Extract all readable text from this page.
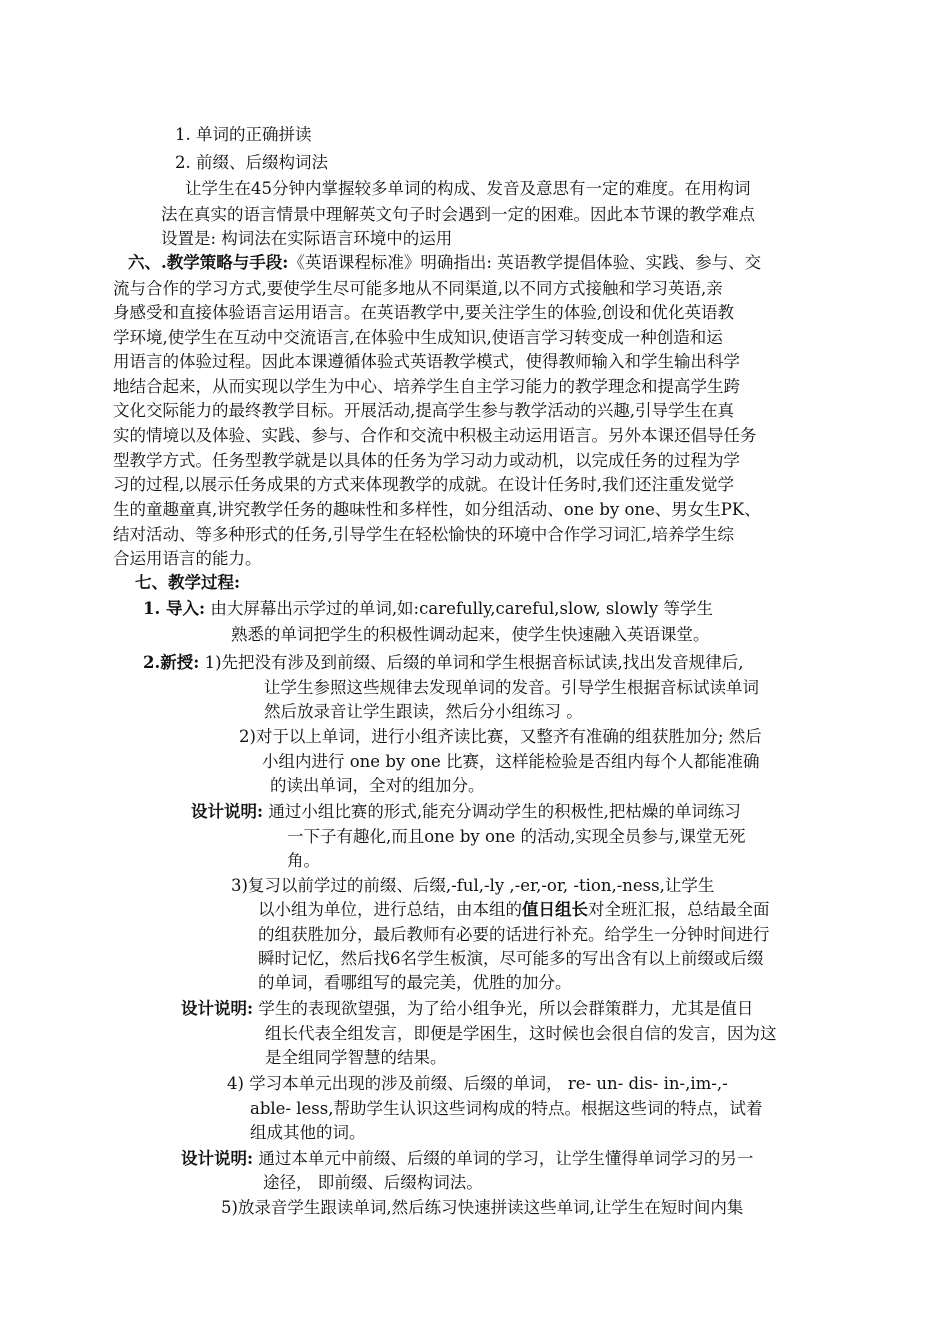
1. 单词的正确拼读
2. 前缀、后缀构词法
让学生在45分钟内掌握较多单词的构成、发音及意思有一定的难度。在用构词
法在真实的语言情景中理解英文句子时会遇到一定的困难。因此本节课的教学难点
设置是: 构词法在实际语言环境中的运用
六、.教学策略与手段:《英语课程标准》明确指出: 英语教学提倡体验、实践、参与、交
流与合作的学习方式,要使学生尽可能多地从不同渠道,以不同方式接触和学习英语,亲
身感受和直接体验语言运用语言。在英语教学中,要关注学生的体验,创设和优化英语教
学环境,使学生在互动中交流语言,在体验中生成知识,使语言学习转变成一种创造和运
用语言的体验过程。因此本课遵循体验式英语教学模式，使得教师输入和学生输出科学
地结合起来，从而实现以学生为中心、培养学生自主学习能力的教学理念和提高学生跨
文化交际能力的最终教学目标。开展活动,提高学生参与教学活动的兴趣,引导学生在真
实的情境以及体验、实践、参与、合作和交流中积极主动运用语言。另外本课还倡导任务
型教学方式。任务型教学就是以具体的任务为学习动力或动机，以完成任务的过程为学
习的过程,以展示任务成果的方式来体现教学的成就。在设计任务时,我们还注重发觉学
生的童趣童真,讲究教学任务的趣味性和多样性，如分组活动、one by one、男女生PK、
结对活动、等多种形式的任务,引导学生在轻松愉快的环境中合作学习词汇,培养学生综
合运用语言的能力。
七、教学过程:
1. 导入: 由大屏幕出示学过的单词,如:carefully,careful,slow, slowly 等学生
熟悉的单词把学生的积极性调动起来，使学生快速融入英语课堂。
2.新授: 1)先把没有涉及到前缀、后缀的单词和学生根据音标试读,找出发音规律后,
让学生参照这些规律去发现单词的发音。引导学生根据音标试读单词
然后放录音让学生跟读，然后分小组练习 。
2)对于以上单词，进行小组齐读比赛，又整齐有准确的组获胜加分; 然后
小组内进行 one by one 比赛，这样能检验是否组内每个人都能准确
的读出单词，全对的组加分。
设计说明: 通过小组比赛的形式,能充分调动学生的积极性,把枯燥的单词练习
一下子有趣化,而且one by one 的活动,实现全员参与,课堂无死
角。
3)复习以前学过的前缀、后缀,-ful,-ly ,-er,-or, -tion,-ness,让学生
以小组为单位，进行总结，由本组的值日组长对全班汇报，总结最全面
的组获胜加分，最后教师有必要的话进行补充。给学生一分钟时间进行
瞬时记忆，然后找6名学生板演，尽可能多的写出含有以上前缀或后缀
的单词，看哪组写的最完美，优胜的加分。
设计说明: 学生的表现欲望强，为了给小组争光，所以会群策群力，尤其是值日
组长代表全组发言，即便是学困生，这时候也会很自信的发言，因为这
是全组同学智慧的结果。
4) 学习本单元出现的涉及前缀、后缀的单词， re- un- dis- in-,im-,-
able- less,帮助学生认识这些词构成的特点。根据这些词的特点，试着
组成其他的词。
设计说明: 通过本单元中前缀、后缀的单词的学习，让学生懂得单词学习的另一
途径， 即前缀、后缀构词法。
5)放录音学生跟读单词,然后练习快速拼读这些单词,让学生在短时间内集
